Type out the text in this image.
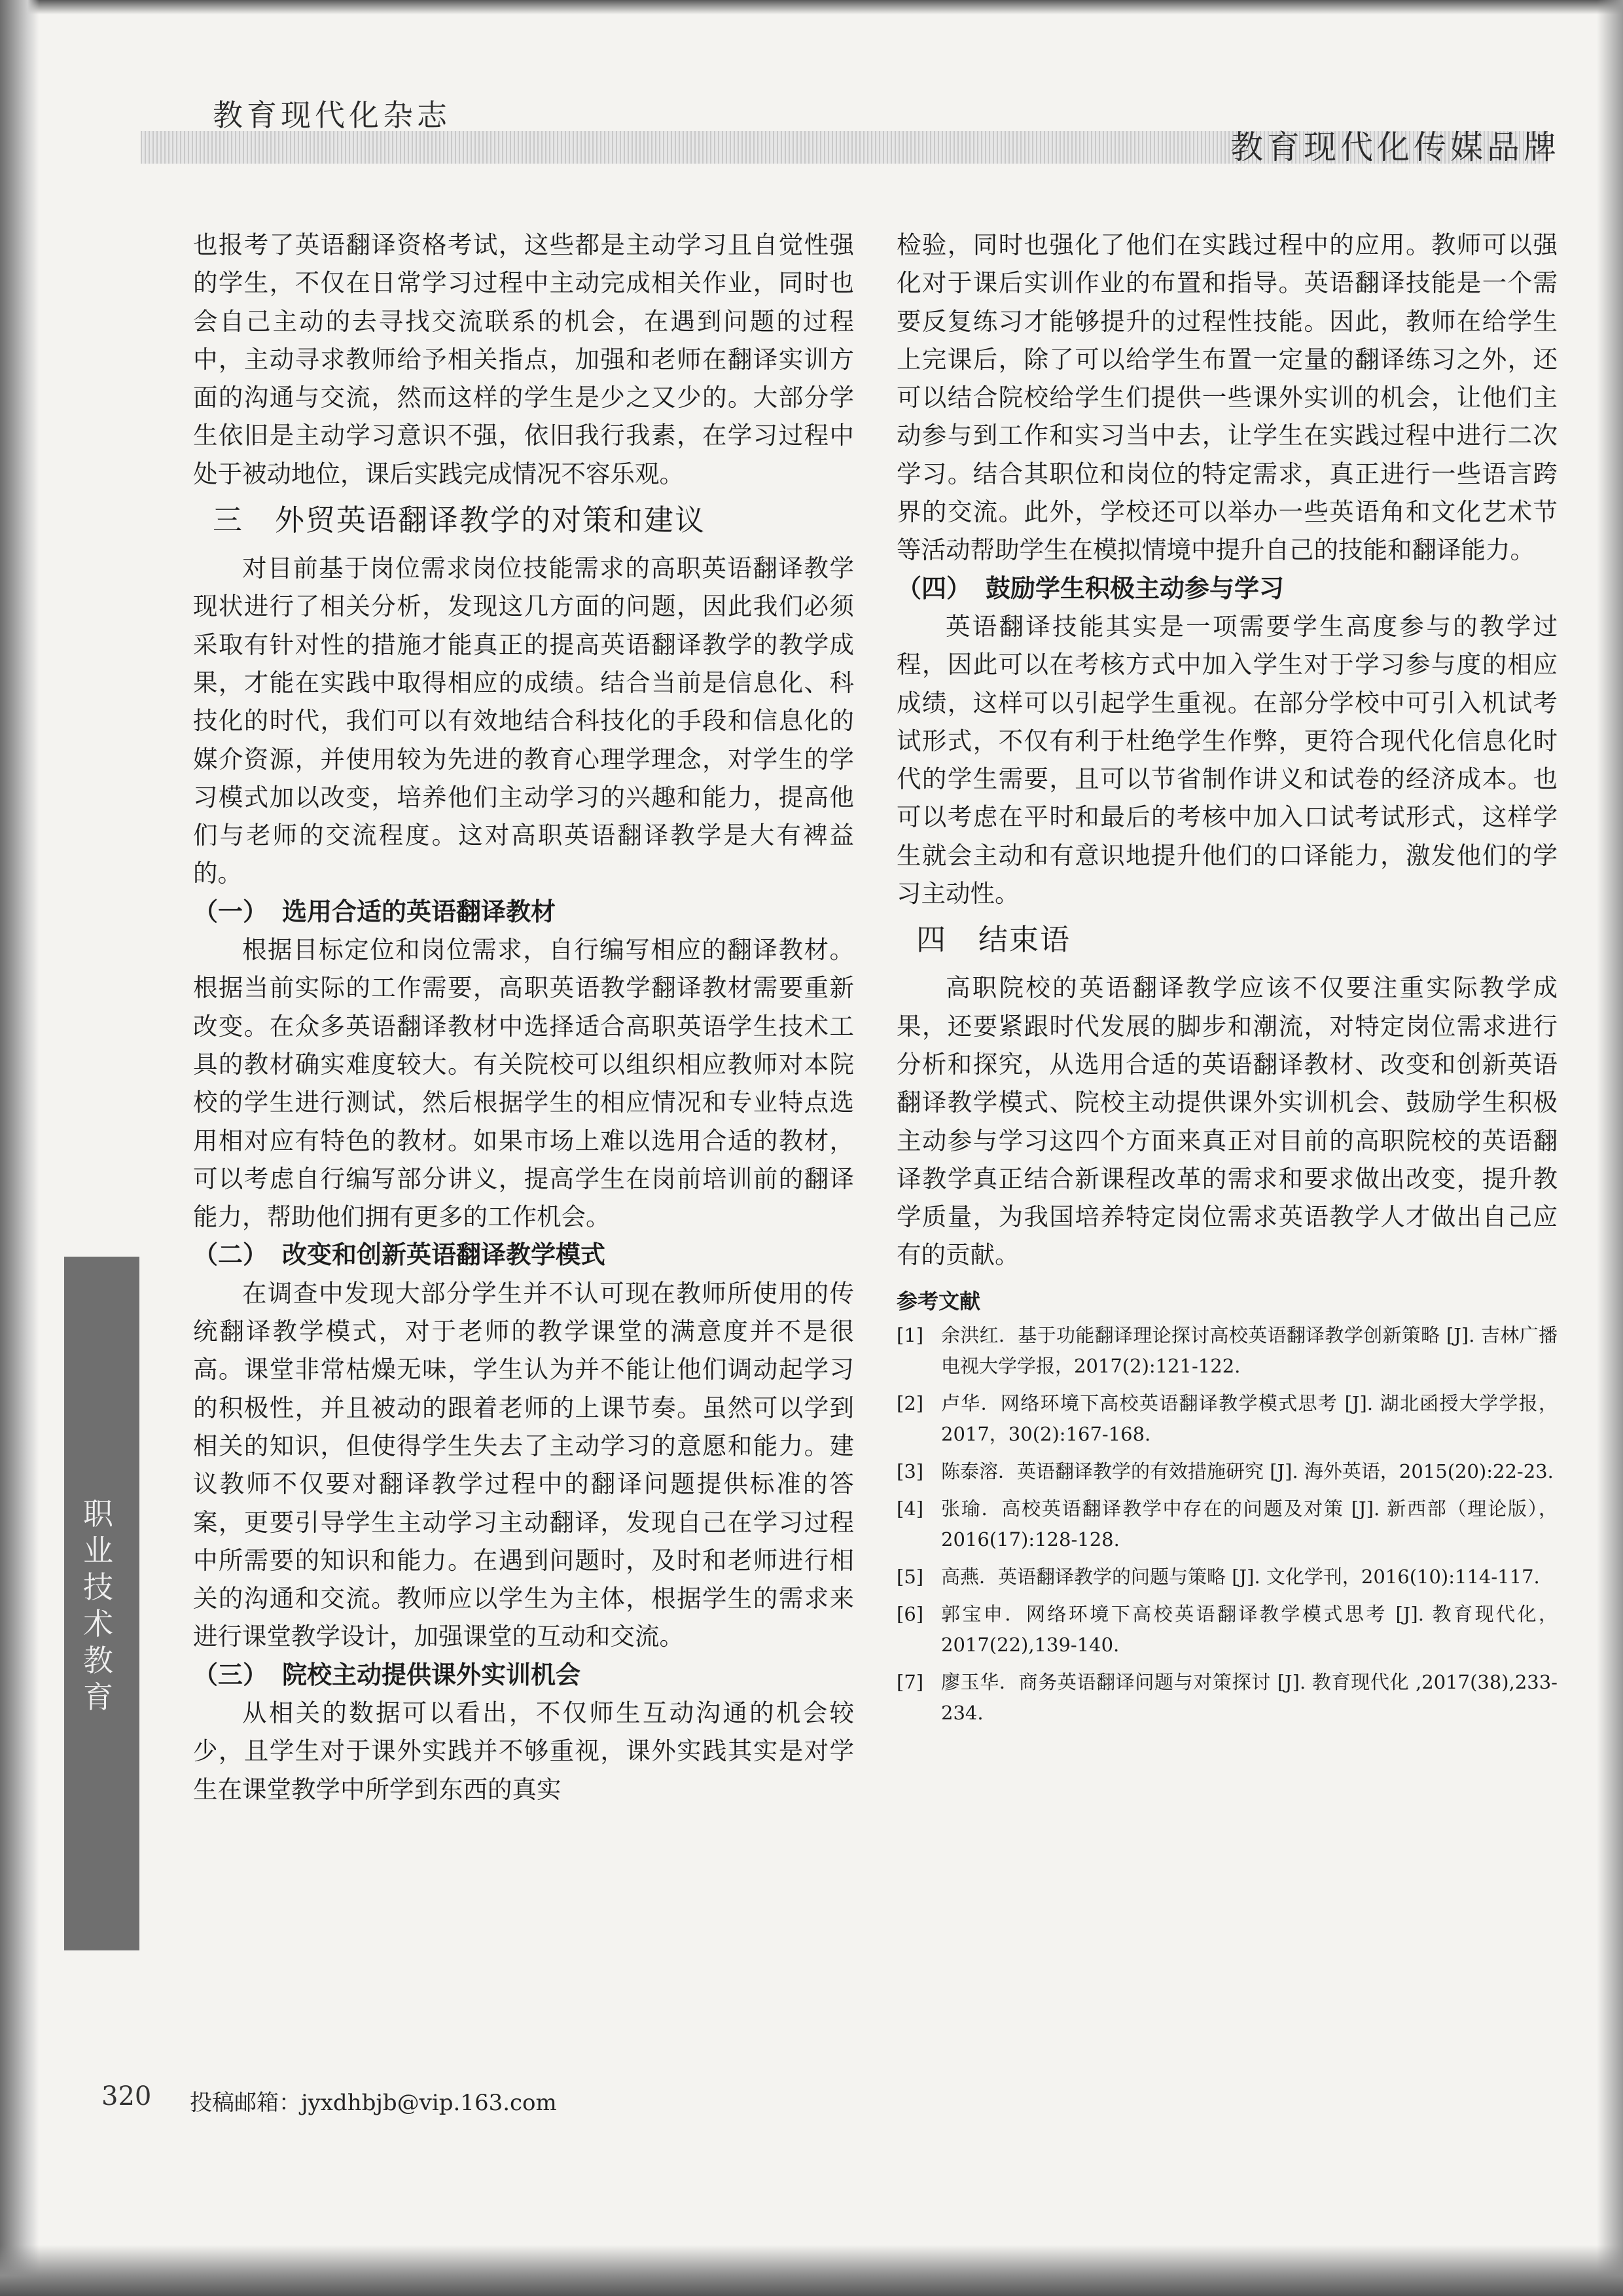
教育现代化杂志
教育现代化传媒品牌

也报考了英语翻译资格考试，这些都是主动学习且自觉性强的学生，不仅在日常学习过程中主动完成相关作业，同时也会自己主动的去寻找交流联系的机会，在遇到问题的过程中，主动寻求教师给予相关指点，加强和老师在翻译实训方面的沟通与交流，然而这样的学生是少之又少的。大部分学生依旧是主动学习意识不强，依旧我行我素，在学习过程中处于被动地位，课后实践完成情况不容乐观。

三 外贸英语翻译教学的对策和建议

对目前基于岗位需求岗位技能需求的高职英语翻译教学现状进行了相关分析，发现这几方面的问题，因此我们必须采取有针对性的措施才能真正的提高英语翻译教学的教学成果，才能在实践中取得相应的成绩。结合当前是信息化、科技化的时代，我们可以有效地结合科技化的手段和信息化的媒介资源，并使用较为先进的教育心理学理念，对学生的学习模式加以改变，培养他们主动学习的兴趣和能力，提高他们与老师的交流程度。这对高职英语翻译教学是大有裨益的。

（一） 选用合适的英语翻译教材

根据目标定位和岗位需求，自行编写相应的翻译教材。根据当前实际的工作需要，高职英语教学翻译教材需要重新改变。在众多英语翻译教材中选择适合高职英语学生技术工具的教材确实难度较大。有关院校可以组织相应教师对本院校的学生进行测试，然后根据学生的相应情况和专业特点选用相对应有特色的教材。如果市场上难以选用合适的教材，可以考虑自行编写部分讲义，提高学生在岗前培训前的翻译能力，帮助他们拥有更多的工作机会。

（二） 改变和创新英语翻译教学模式

在调查中发现大部分学生并不认可现在教师所使用的传统翻译教学模式，对于老师的教学课堂的满意度并不是很高。课堂非常枯燥无味，学生认为并不能让他们调动起学习的积极性，并且被动的跟着老师的上课节奏。虽然可以学到相关的知识，但使得学生失去了主动学习的意愿和能力。建议教师不仅要对翻译教学过程中的翻译问题提供标准的答案，更要引导学生主动学习主动翻译，发现自己在学习过程中所需要的知识和能力。在遇到问题时，及时和老师进行相关的沟通和交流。教师应以学生为主体，根据学生的需求来进行课堂教学设计，加强课堂的互动和交流。

（三） 院校主动提供课外实训机会

从相关的数据可以看出，不仅师生互动沟通的机会较少，且学生对于课外实践并不够重视，课外实践其实是对学生在课堂教学中所学到东西的真实

检验，同时也强化了他们在实践过程中的应用。教师可以强化对于课后实训作业的布置和指导。英语翻译技能是一个需要反复练习才能够提升的过程性技能。因此，教师在给学生上完课后，除了可以给学生布置一定量的翻译练习之外，还可以结合院校给学生们提供一些课外实训的机会，让他们主动参与到工作和实习当中去，让学生在实践过程中进行二次学习。结合其职位和岗位的特定需求，真正进行一些语言跨界的交流。此外，学校还可以举办一些英语角和文化艺术节等活动帮助学生在模拟情境中提升自己的技能和翻译能力。

（四） 鼓励学生积极主动参与学习

英语翻译技能其实是一项需要学生高度参与的教学过程，因此可以在考核方式中加入学生对于学习参与度的相应成绩，这样可以引起学生重视。在部分学校中可引入机试考试形式，不仅有利于杜绝学生作弊，更符合现代化信息化时代的学生需要，且可以节省制作讲义和试卷的经济成本。也可以考虑在平时和最后的考核中加入口试考试形式，这样学生就会主动和有意识地提升他们的口译能力，激发他们的学习主动性。

四 结束语

高职院校的英语翻译教学应该不仅要注重实际教学成果，还要紧跟时代发展的脚步和潮流，对特定岗位需求进行分析和探究，从选用合适的英语翻译教材、改变和创新英语翻译教学模式、院校主动提供课外实训机会、鼓励学生积极主动参与学习这四个方面来真正对目前的高职院校的英语翻译教学真正结合新课程改革的需求和要求做出改变，提升教学质量，为我国培养特定岗位需求英语教学人才做出自己应有的贡献。

参考文献
[1] 余洪红．基于功能翻译理论探讨高校英语翻译教学创新策略 [J]. 吉林广播电视大学学报，2017(2):121-122.
[2] 卢华．网络环境下高校英语翻译教学模式思考 [J]. 湖北函授大学学报，2017，30(2):167-168.
[3] 陈泰溶．英语翻译教学的有效措施研究 [J]. 海外英语，2015(20):22-23.
[4] 张瑜．高校英语翻译教学中存在的问题及对策 [J]. 新西部（理论版），2016(17):128-128.
[5] 高燕．英语翻译教学的问题与策略 [J]. 文化学刊，2016(10):114-117.
[6] 郭宝申．网络环境下高校英语翻译教学模式思考 [J]. 教育现代化，2017(22),139-140.
[7] 廖玉华．商务英语翻译问题与对策探讨 [J]. 教育现代化 ,2017(38),233-234.
职业技术教育
320 投稿邮箱：jyxdhbjb@vip.163.com
